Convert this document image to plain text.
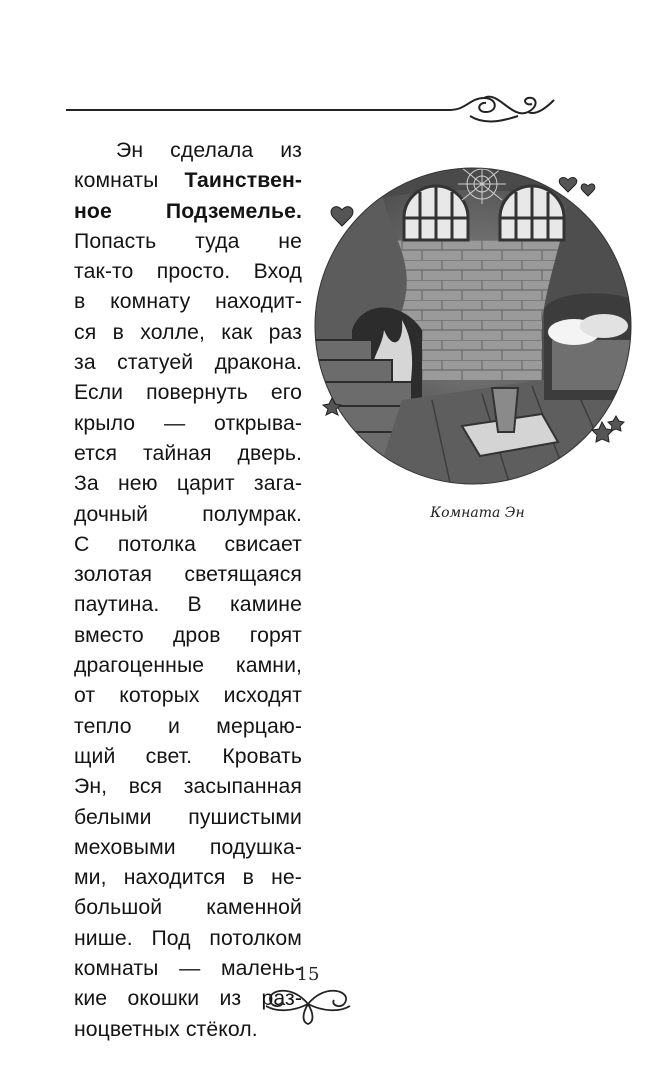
Эн сделала из
комнаты Таинствен-
ное	Подземелье.
Попасть туда не
так-то просто. Вход
в комнату находит-
ся в холле, как раз
за статуей дракона.
Если повернуть его
крыло — открыва-
ется тайная дверь.
За нею царит зага-
дочный	полумрак.
С потолка свисает
золотая светящаяся
паутина. В камине
вместо дров горят
драгоценные камни,
от которых исходят
тепло и мерцаю-
щий свет. Кровать
Эн, вся засыпанная
белыми пушистыми
меховыми подушка-
ми, находится в не-
большой каменной
нише. Под потолком
комнаты — малень-
кие окошки из раз-
ноцветных стёкол.
Комната Эн
15
